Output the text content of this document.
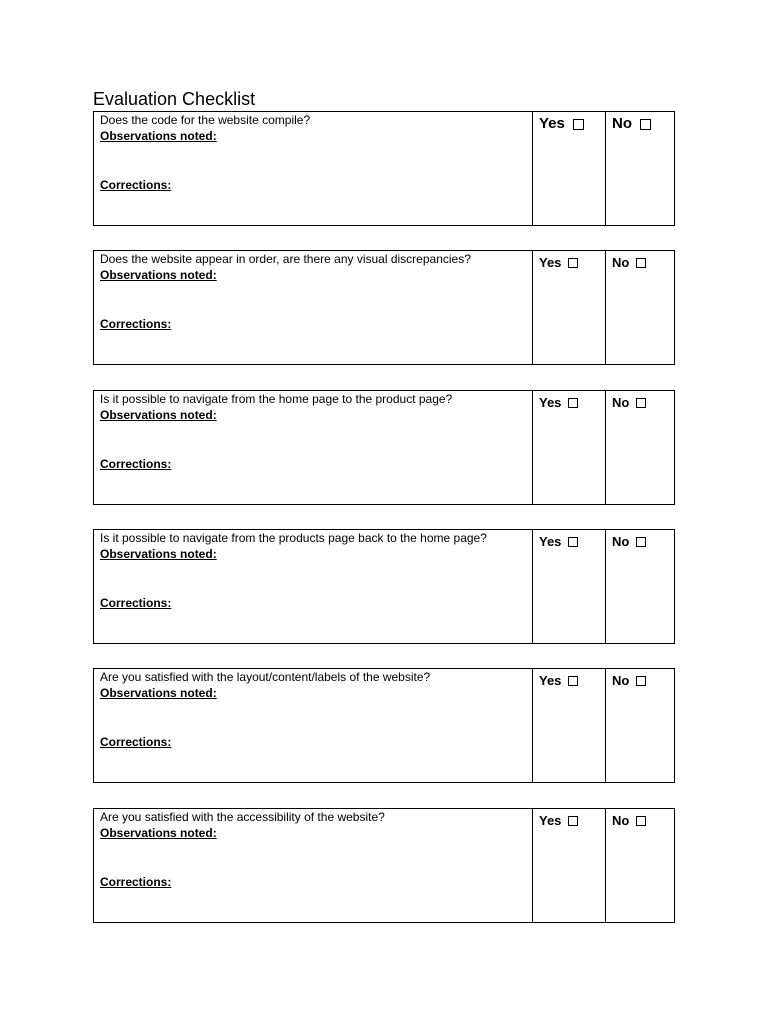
Evaluation Checklist
Does the code for the website compile?
Observations noted:
Corrections:
Yes	No
Does the website appear in order, are there any visual discrepancies?
Observations noted:
Corrections:
Yes	No
Is it possible to navigate from the home page to the product page?
Observations noted:
Corrections:
Yes	No
Is it possible to navigate from the products page back to the home page?
Observations noted:
Corrections:
Yes	No
Are you satisfied with the layout/content/labels of the website?
Observations noted:
Corrections:
Yes	No
Are you satisfied with the accessibility of the website?
Observations noted:
Corrections:
Yes	No
